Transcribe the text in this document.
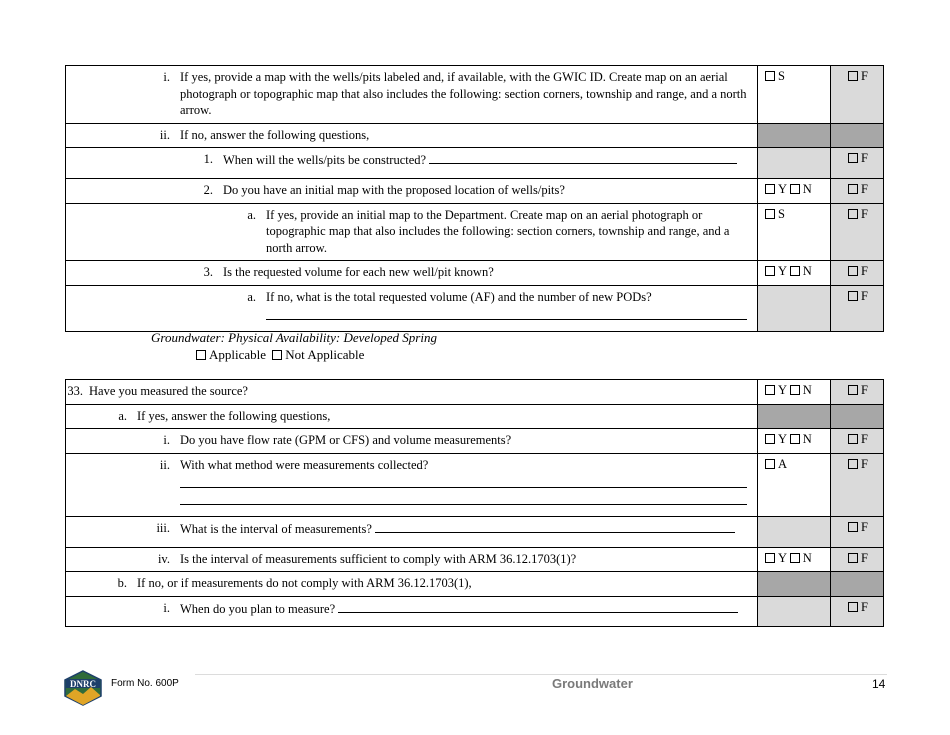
i. If yes, provide a map with the wells/pits labeled and, if available, with the GWIC ID. Create map on an aerial photograph or topographic map that also includes the following: section corners, township and range, and a north arrow.	S	F

ii. If no, answer the following questions,		

1. When will the wells/pits be constructed?		F

2. Do you have an initial map with the proposed location of wells/pits?	Y N	F

a. If yes, provide an initial map to the Department. Create map on an aerial photograph or topographic map that also includes the following: section corners, township and range, and a north arrow.	S	F

3. Is the requested volume for each new well/pit known?	Y N	F

a. If no, what is the total requested volume (AF) and the number of new PODs?		F
Groundwater: Physical Availability: Developed Spring
Applicable Not Applicable
33. Have you measured the source?	Y N	F

a. If yes, answer the following questions,		

i. Do you have flow rate (GPM or CFS) and volume measurements?	Y N	F

ii. With what method were measurements collected?	A	F

iii. What is the interval of measurements?		F

iv. Is the interval of measurements sufficient to comply with ARM 36.12.1703(1)?	Y N	F

b. If no, or if measurements do not comply with ARM 36.12.1703(1),		

i. When do you plan to measure?		F
DNRC Form No. 600P	Groundwater	14
